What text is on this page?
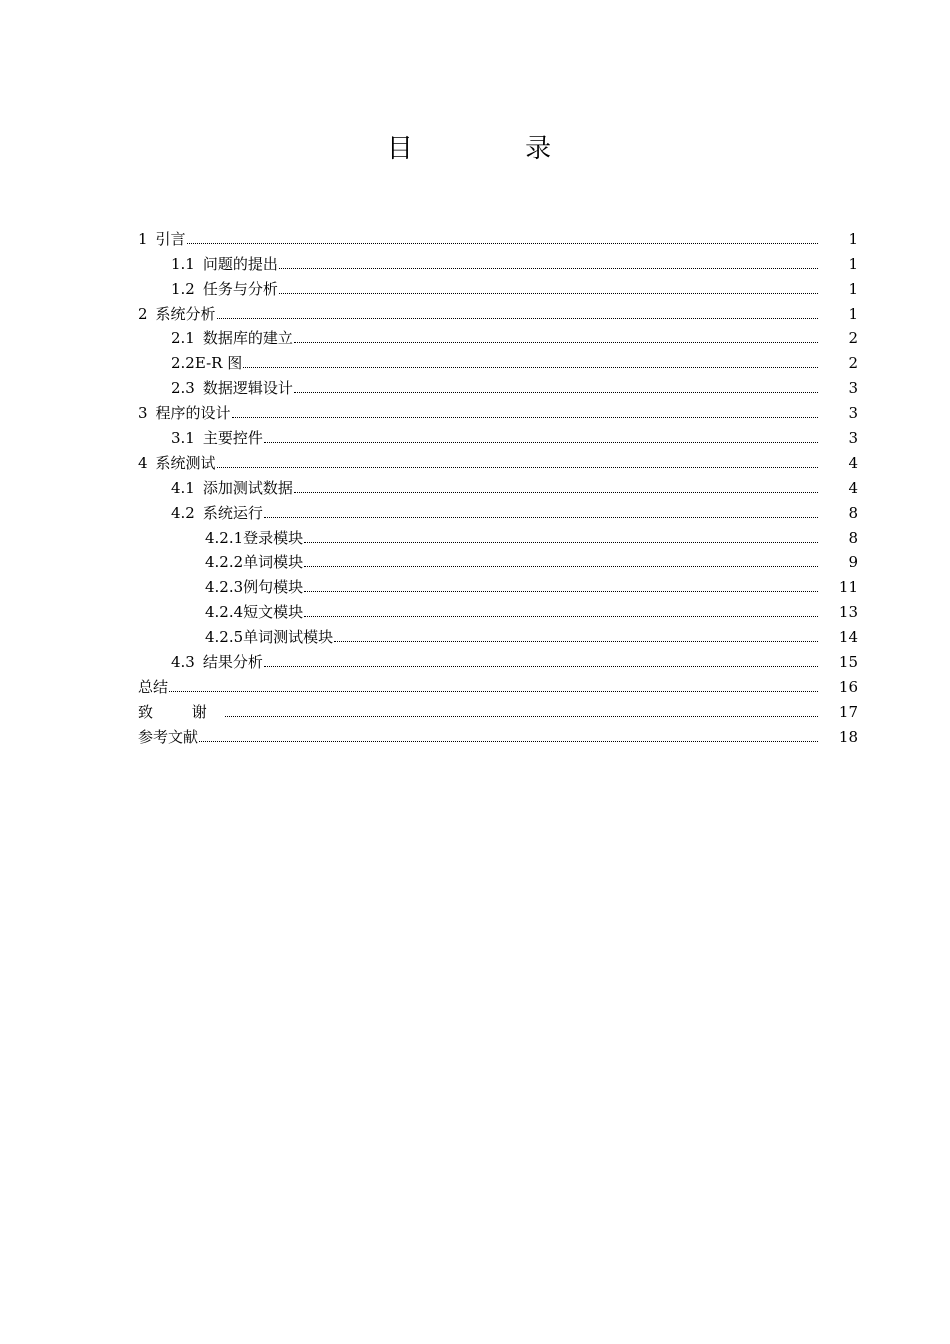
目 录
1 引言	1
1.1 问题的提出	1
1.2 任务与分析	1
2 系统分析	1
2.1 数据库的建立	2
2.2E-R 图	2
2.3 数据逻辑设计	3
3 程序的设计	3
3.1 主要控件	3
4 系统测试	4
4.1 添加测试数据	4
4.2 系统运行	8
4.2.1登录模块	8
4.2.2单词模块	9
4.2.3例句模块	11
4.2.4短文模块	13
4.2.5单词测试模块	14
4.3 结果分析	15
总结	16
致 谢	17
参考文献	18
